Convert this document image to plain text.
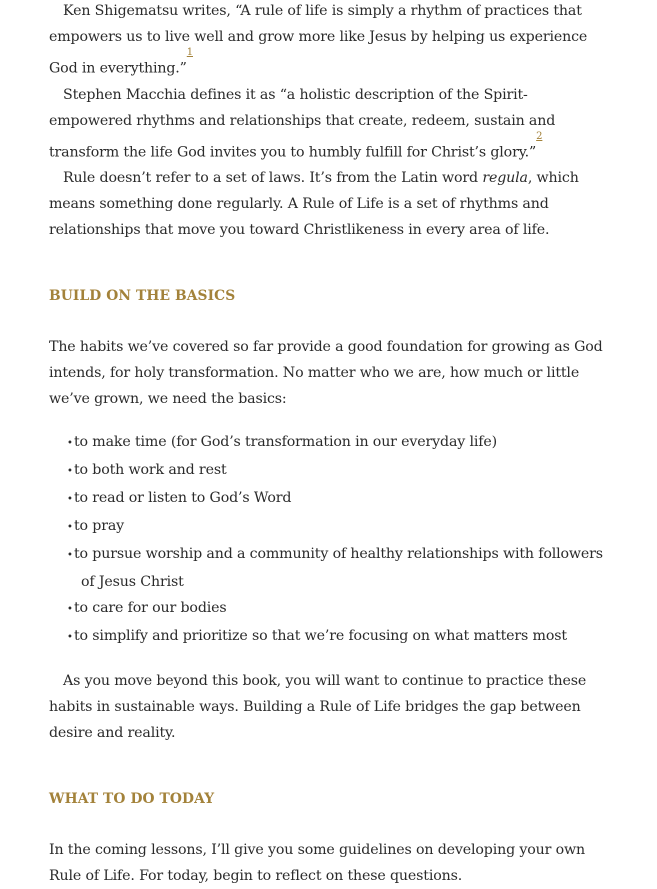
Ken Shigematsu writes, “A rule of life is simply a rhythm of practices that empowers us to live well and grow more like Jesus by helping us experience God in everything.”$^{^1}$

Stephen Macchia defines it as “a holistic description of the Spirit-empowered rhythms and relationships that create, redeem, sustain and transform the life God invites you to humbly fulfill for Christ’s glory.”$^{^2}$

Rule doesn’t refer to a set of laws. It’s from the Latin word regula, which means something done regularly. A Rule of Life is a set of rhythms and relationships that move you toward Christlikeness in every area of life.

BUILD ON THE BASICS

The habits we’ve covered so far provide a good foundation for growing as God intends, for holy transformation. No matter who we are, how much or little we’ve grown, we need the basics:

•to make time (for God’s transformation in our everyday life)
•to both work and rest
•to read or listen to God’s Word
•to pray
•to pursue worship and a community of healthy relationships with followers of Jesus Christ
•to care for our bodies
•to simplify and prioritize so that we’re focusing on what matters most

As you move beyond this book, you will want to continue to practice these habits in sustainable ways. Building a Rule of Life bridges the gap between desire and reality.

WHAT TO DO TODAY

In the coming lessons, I’ll give you some guidelines on developing your own Rule of Life. For today, begin to reflect on these questions.
